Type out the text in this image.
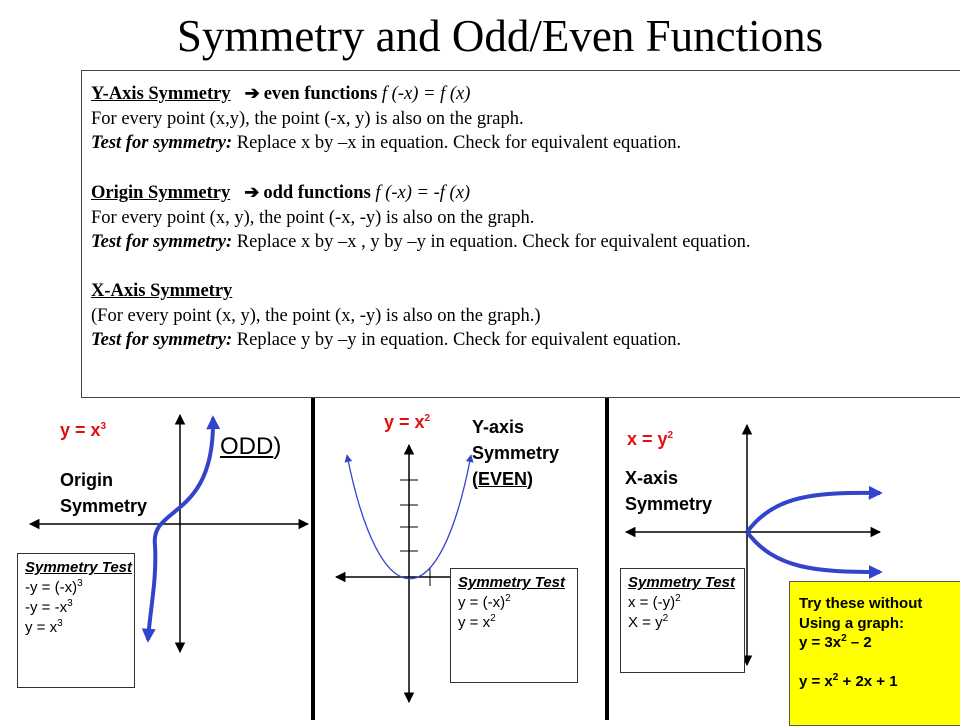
Symmetry and Odd/Even Functions
Y-Axis Symmetry ➔ even functions f (-x) = f (x)
For every point (x,y), the point (-x, y) is also on the graph.
Test for symmetry: Replace x by –x in equation. Check for equivalent equation.
Origin Symmetry ➔ odd functions f (-x) = -f (x)
For every point (x, y), the point (-x, -y) is also on the graph.
Test for symmetry: Replace x by –x , y by –y in equation. Check for equivalent equation.
X-Axis Symmetry
(For every point (x, y), the point (x, -y) is also on the graph.)
Test for symmetry: Replace y by –y in equation. Check for equivalent equation.
$y = x^3$
Origin
Symmetry
ODD)
Symmetry Test
$-y = (-x)^3$
$-y = -x^3$
$y = x^3$
$y = x^2$ Y-axis
Symmetry
(EVEN)
Symmetry Test
$y = (-x)^2$
$y = x^2$
$x = y^2$
X-axis
Symmetry
Symmetry Test
$x = (-y)^2$
$X = y^2$
Try these without
Using a graph:
$y = 3x^2 - 2$
$y = x^2 + 2x + 1$
